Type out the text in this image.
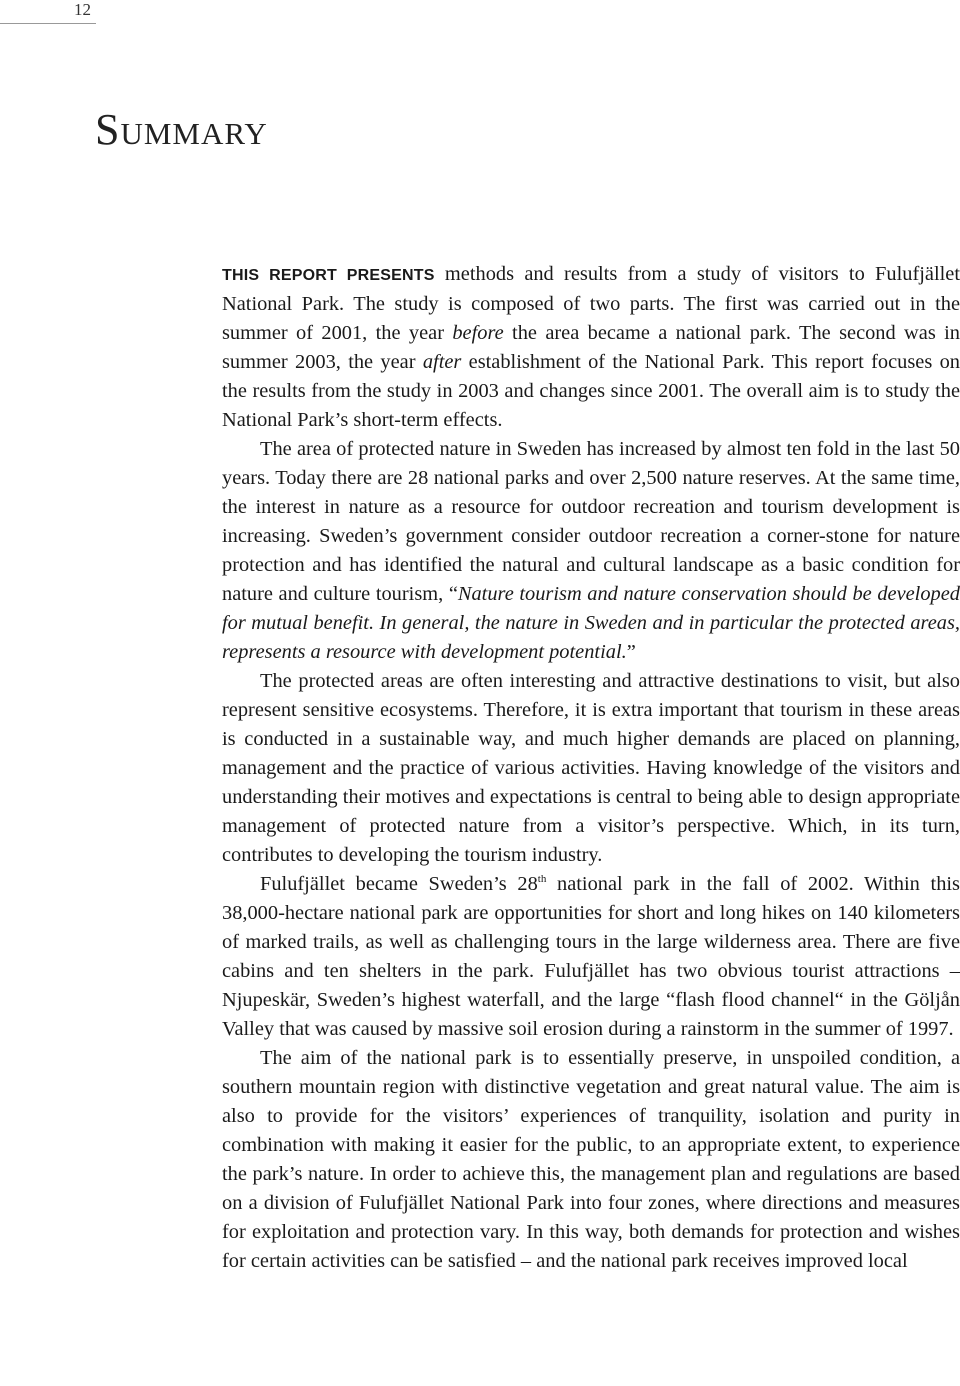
12
Summary

THIS REPORT PRESENTS methods and results from a study of visitors to Fulufjället National Park. The study is composed of two parts. The first was carried out in the summer of 2001, the year before the area became a national park. The second was in summer 2003, the year after establishment of the National Park. This report focuses on the results from the study in 2003 and changes since 2001. The overall aim is to study the National Park’s short-term effects.

The area of protected nature in Sweden has increased by almost ten fold in the last 50 years. Today there are 28 national parks and over 2,500 nature reserves. At the same time, the interest in nature as a resource for outdoor recreation and tourism development is increasing. Sweden’s government consider outdoor recreation a corner-stone for nature protection and has identified the natural and cultural landscape as a basic condition for nature and culture tourism, “Nature tourism and nature conservation should be developed for mutual benefit. In general, the nature in Sweden and in particular the protected areas, represents a resource with development potential.”

The protected areas are often interesting and attractive destinations to visit, but also represent sensitive ecosystems. Therefore, it is extra important that tourism in these areas is conducted in a sustainable way, and much higher demands are placed on planning, management and the practice of various activities. Having knowledge of the visitors and understanding their motives and expectations is central to being able to design appropriate management of protected nature from a visitor’s perspective. Which, in its turn, contributes to developing the tourism industry.

Fulufjället became Sweden’s 28th national park in the fall of 2002. Within this 38,000-hectare national park are opportunities for short and long hikes on 140 kilometers of marked trails, as well as challenging tours in the large wilderness area. There are five cabins and ten shelters in the park. Fulufjället has two obvious tourist attractions – Njupeskär, Sweden’s highest waterfall, and the large “flash flood channel“ in the Göljån Valley that was caused by massive soil erosion during a rainstorm in the summer of 1997.

The aim of the national park is to essentially preserve, in unspoiled condition, a southern mountain region with distinctive vegetation and great natural value. The aim is also to provide for the visitors’ experiences of tranquility, isolation and purity in combination with making it easier for the public, to an appropriate extent, to experience the park’s nature. In order to achieve this, the management plan and regulations are based on a division of Fulufjället National Park into four zones, where directions and measures for exploitation and protection vary. In this way, both demands for protection and wishes for certain activities can be satisfied – and the national park receives improved local
